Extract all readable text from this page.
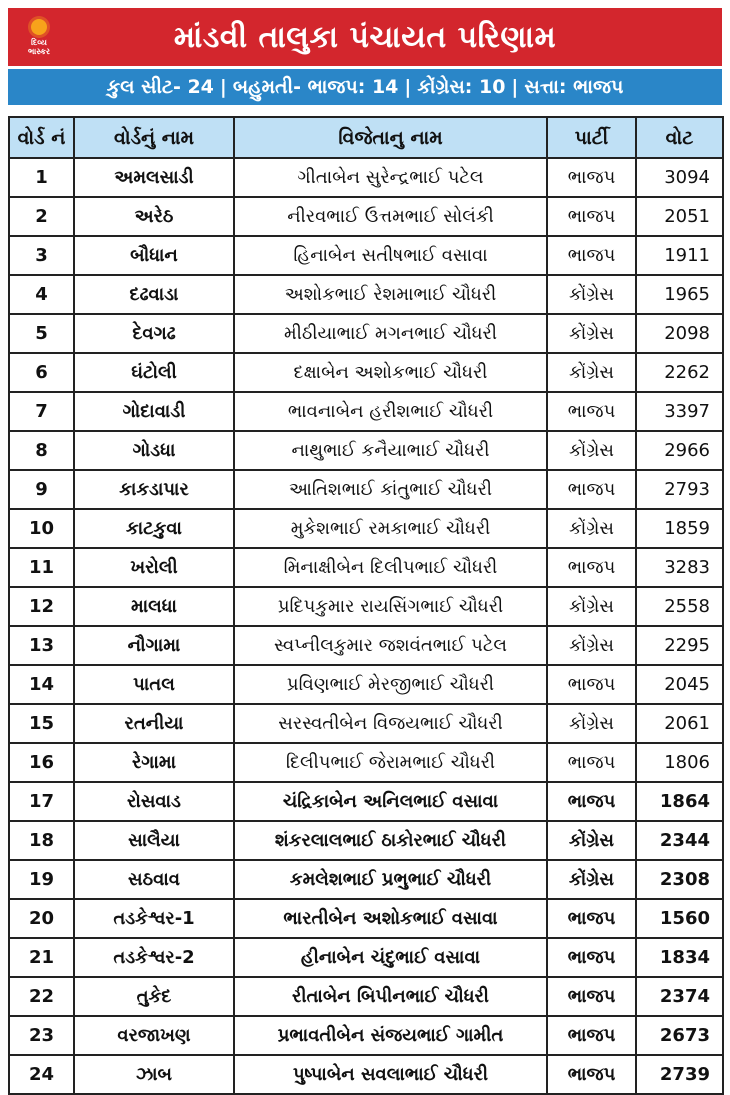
દિવ્ય
ભાસ્કર	માંડવી તાલુકા પંચાયત પરિણામ
કુલ સીટ- 24 | બહુમતી- ભાજપ: 14 | કોંગ્રેસ: 10 | સત્તા: ભાજપ
વોર્ડ નં	વોર્ડનું નામ	વિજેતાનુ નામ	પાર્ટી	વોટ
1	અમલસાડી	ગીતાબેન સુરેન્દ્રભાઈ પટેલ	ભાજપ	3094
2	અરેઠ	નીરવભાઈ ઉત્તમભાઈ સોલંકી	ભાજપ	2051
3	બૌધાન	હિનાબેન સતીષભાઈ વસાવા	ભાજપ	1911
4	દઢવાડા	અશોકભાઈ રેશમાભાઈ ચૌધરી	કોંગ્રેસ	1965
5	દેવગઢ	મીઠીયાભાઈ મગનભાઈ ચૌધરી	કોંગ્રેસ	2098
6	ઘંટોલી	દક્ષાબેન અશોકભાઈ ચૌધરી	કોંગ્રેસ	2262
7	ગોદાવાડી	ભાવનાબેન હરીશભાઈ ચૌધરી	ભાજપ	3397
8	ગોડધા	નાથુભાઈ કનૈયાભાઈ ચૌધરી	કોંગ્રેસ	2966
9	કાકડાપાર	આતિશભાઈ કાંતુભાઈ ચૌધરી	ભાજપ	2793
10	કાટકુવા	મુકેશભાઈ રમકાભાઈ ચૌધરી	કોંગ્રેસ	1859
11	ખરોલી	મિનાક્ષીબેન દિલીપભાઈ ચૌધરી	ભાજપ	3283
12	માલધા	પ્રદિપકુમાર રાયસિંગભાઈ ચૌધરી	કોંગ્રેસ	2558
13	નૌગામા	સ્વપ્નીલકુમાર જશવંતભાઈ પટેલ	કોંગ્રેસ	2295
14	પાતલ	પ્રવિણભાઈ મેરજીભાઈ ચૌધરી	ભાજપ	2045
15	રતનીયા	સરસ્વતીબેન વિજયભાઈ ચૌધરી	કોંગ્રેસ	2061
16	રેગામા	દિલીપભાઈ જેરામભાઈ ચૌધરી	ભાજપ	1806
17	રોસવાડ	ચંદ્રિકાબેન અનિલભાઈ વસાવા	ભાજપ	1864
18	સાલૈયા	શંકરલાલભાઈ ઠાકોરભાઈ ચૌધરી	કોંગ્રેસ	2344
19	સઠવાવ	કમલેશભાઈ પ્રભુભાઈ ચૌધરી	કોંગ્રેસ	2308
20	તડકેશ્વર-1	ભારતીબેન અશોકભાઈ વસાવા	ભાજપ	1560
21	તડકેશ્વર-2	હીનાબેન ચંદુભાઈ વસાવા	ભાજપ	1834
22	તુકેદ	રીતાબેન બિપીનભાઈ ચૌધરી	ભાજપ	2374
23	વરજાખણ	પ્રભાવતીબેન સંજયભાઈ ગામીત	ભાજપ	2673
24	ઝાબ	પુષ્પાબેન સવલાભાઈ ચૌધરી	ભાજપ	2739
